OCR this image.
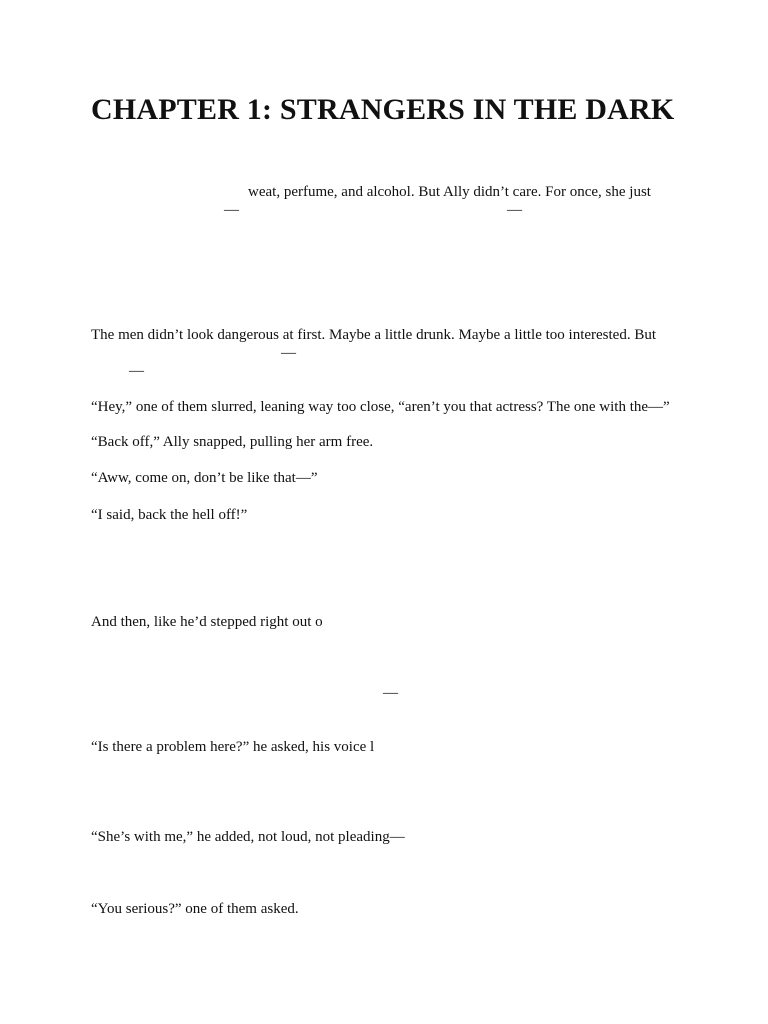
CHAPTER 1: STRANGERS IN THE DARK

weat, perfume, and alcohol. But Ally didn’t care. For once, she just

—	—

The men didn’t look dangerous at first. Maybe a little drunk. Maybe a little too interested. But

—
—

“Hey,” one of them slurred, leaning way too close, “aren’t you that actress? The one with the—”

“Back off,” Ally snapped, pulling her arm free.

“Aww, come on, don’t be like that—”

“I said, back the hell off!”

And then, like he’d stepped right out o

—

“Is there a problem here?” he asked, his voice l

“She’s with me,” he added, not loud, not pleading—

“You serious?” one of them asked.
